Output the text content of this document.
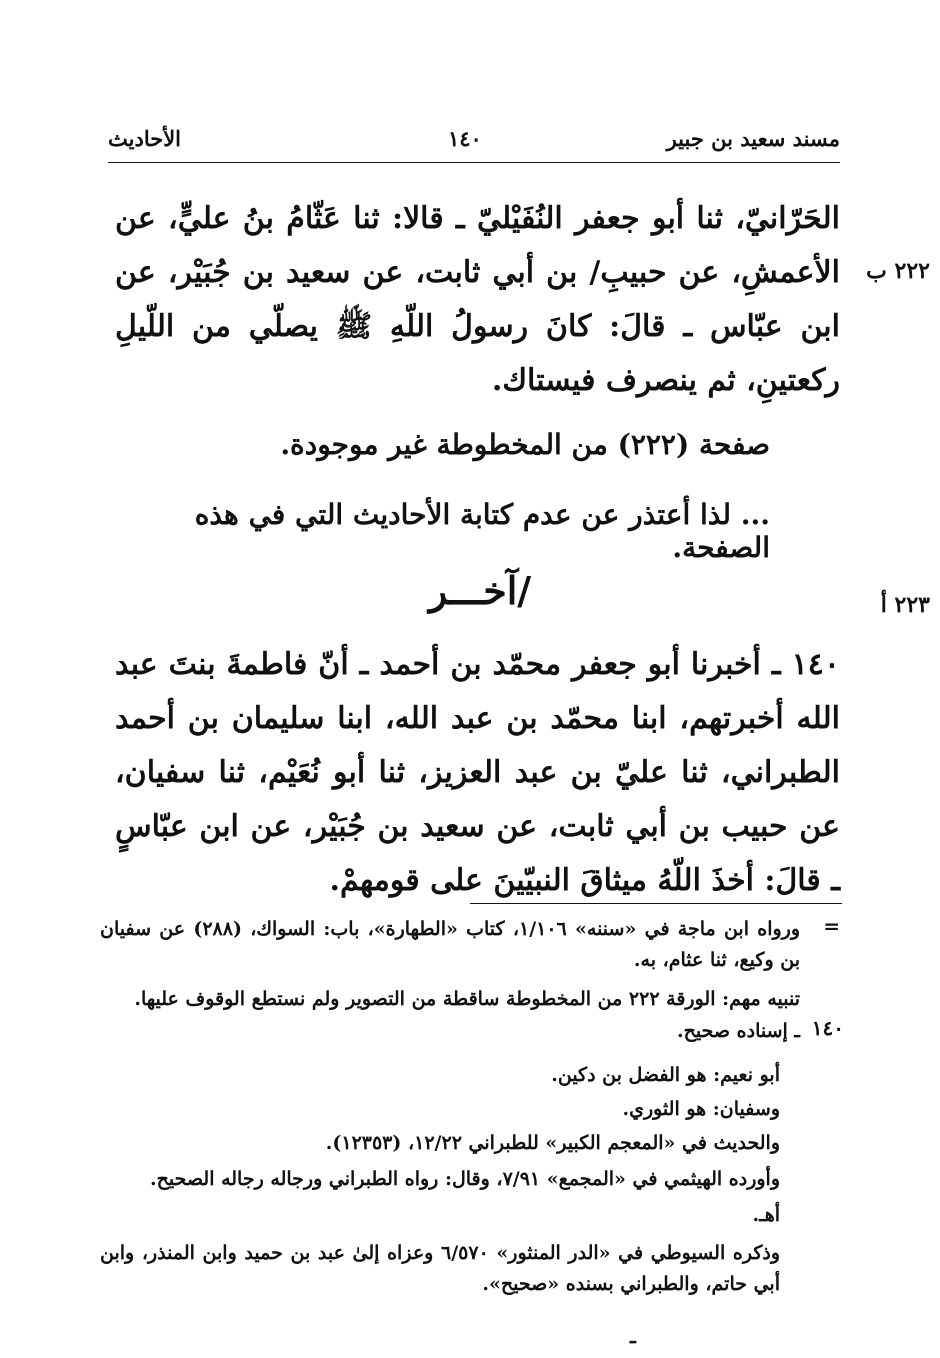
مسند سعيد بن جبير
١٤٠
الأحاديث
٢٢٢ ب
٢٢٣ أ
الحَرّانيّ، ثنا أبو جعفر النُفَيْليّ ـ قالا: ثنا عَثّامُ بنُ عليٍّ، عن الأعمشِ، عن حبيبِ/ بن أبي ثابت، عن سعيد بن جُبَيْر، عن ابن عبّاس ـ قالَ: كانَ رسولُ اللّهِ ﷺ يصلّي من اللّيلِ ركعتينِ، ثم ينصرف فيستاك.
صفحة (٢٢٢) من المخطوطة غير موجودة.
... لذا أعتذر عن عدم كتابة الأحاديث التي في هذه الصفحة.
/آخـــر
١٤٠ ـ أخبرنا أبو جعفر محمّد بن أحمد ـ أنّ فاطمةَ بنتَ عبد الله أخبرتهم، ابنا محمّد بن عبد الله، ابنا سليمان بن أحمد الطبراني، ثنا عليّ بن عبد العزيز، ثنا أبو نُعَيْم، ثنا سفيان، عن حبيب بن أبي ثابت، عن سعيد بن جُبَيْر، عن ابن عبّاسٍ ـ قالَ: أخذَ اللّهُ ميثاقَ النبيّينَ على قومهمْ.
=
ورواه ابن ماجة في «سننه» ١/١٠٦، كتاب «الطهارة»، باب: السواك، (٢٨٨) عن سفيان بن وكيع، ثنا عثام، به.
تنبيه مهم: الورقة ٢٢٢ من المخطوطة ساقطة من التصوير ولم نستطع الوقوف عليها.
١٤٠
ـ إسناده صحيح.
أبو نعيم: هو الفضل بن دكين.
وسفيان: هو الثوري.
والحديث في «المعجم الكبير» للطبراني ١٢/٢٢، (١٢٣٥٣).
وأورده الهيثمي في «المجمع» ٧/٩١، وقال: رواه الطبراني ورجاله رجاله الصحيح.
أهـ.
وذكره السيوطي في «الدر المنثور» ٦/٥٧٠ وعزاه إلىٰ عبد بن حميد وابن المنذر، وابن أبي حاتم، والطبراني بسنده «صحيح».
ـ
